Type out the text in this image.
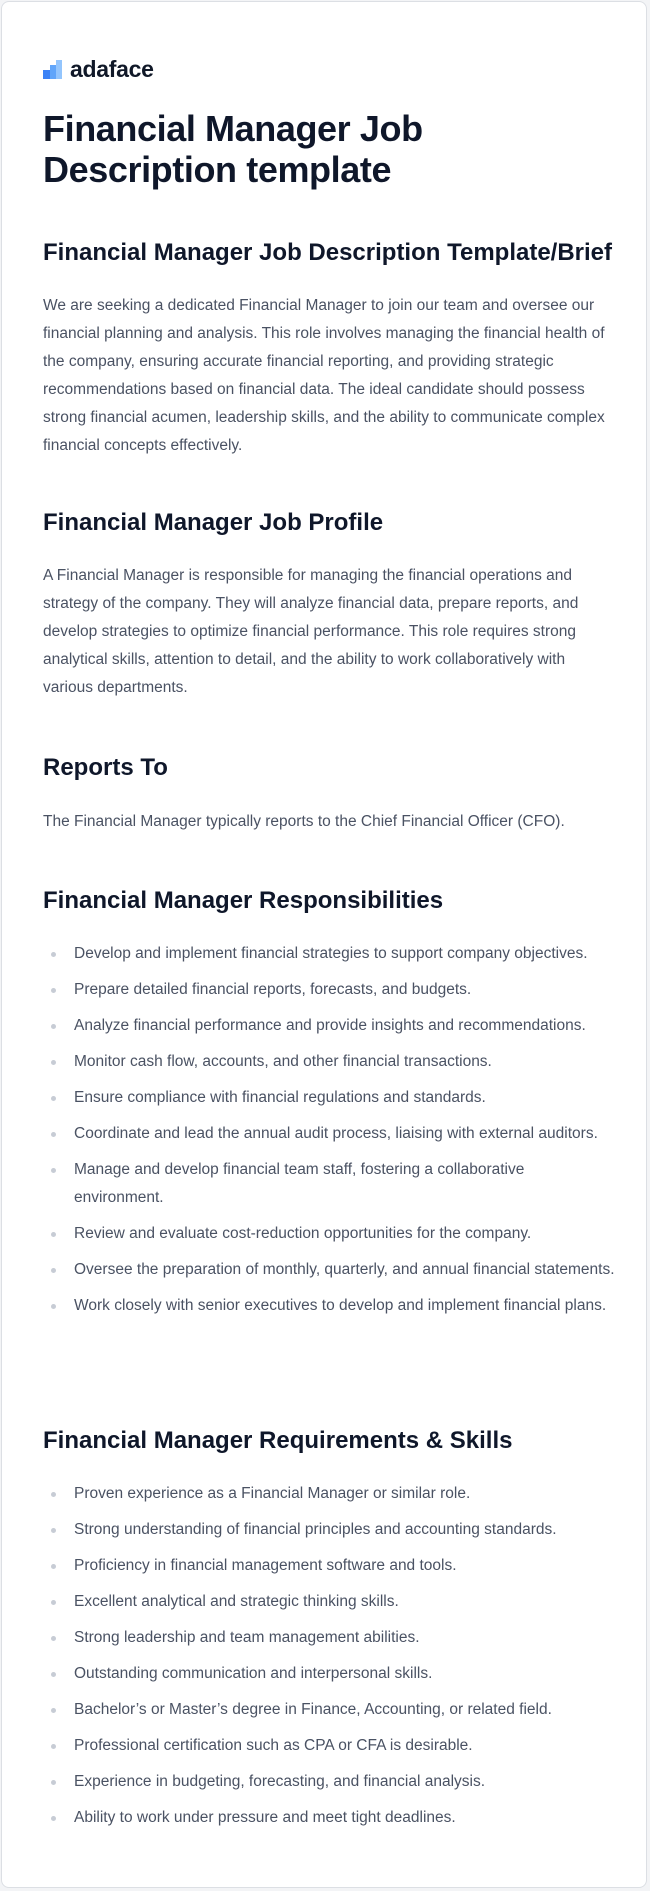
adaface
Financial Manager Job Description template
Financial Manager Job Description Template/Brief

We are seeking a dedicated Financial Manager to join our team and oversee our financial planning and analysis. This role involves managing the financial health of the company, ensuring accurate financial reporting, and providing strategic recommendations based on financial data. The ideal candidate should possess strong financial acumen, leadership skills, and the ability to communicate complex financial concepts effectively.

Financial Manager Job Profile

A Financial Manager is responsible for managing the financial operations and strategy of the company. They will analyze financial data, prepare reports, and develop strategies to optimize financial performance. This role requires strong analytical skills, attention to detail, and the ability to work collaboratively with various departments.

Reports To

The Financial Manager typically reports to the Chief Financial Officer (CFO).

Financial Manager Responsibilities
Develop and implement financial strategies to support company objectives.
Prepare detailed financial reports, forecasts, and budgets.
Analyze financial performance and provide insights and recommendations.
Monitor cash flow, accounts, and other financial transactions.
Ensure compliance with financial regulations and standards.
Coordinate and lead the annual audit process, liaising with external auditors.
Manage and develop financial team staff, fostering a collaborative environment.
Review and evaluate cost-reduction opportunities for the company.
Oversee the preparation of monthly, quarterly, and annual financial statements.
Work closely with senior executives to develop and implement financial plans.
Financial Manager Requirements & Skills
Proven experience as a Financial Manager or similar role.
Strong understanding of financial principles and accounting standards.
Proficiency in financial management software and tools.
Excellent analytical and strategic thinking skills.
Strong leadership and team management abilities.
Outstanding communication and interpersonal skills.
Bachelor’s or Master’s degree in Finance, Accounting, or related field.
Professional certification such as CPA or CFA is desirable.
Experience in budgeting, forecasting, and financial analysis.
Ability to work under pressure and meet tight deadlines.
